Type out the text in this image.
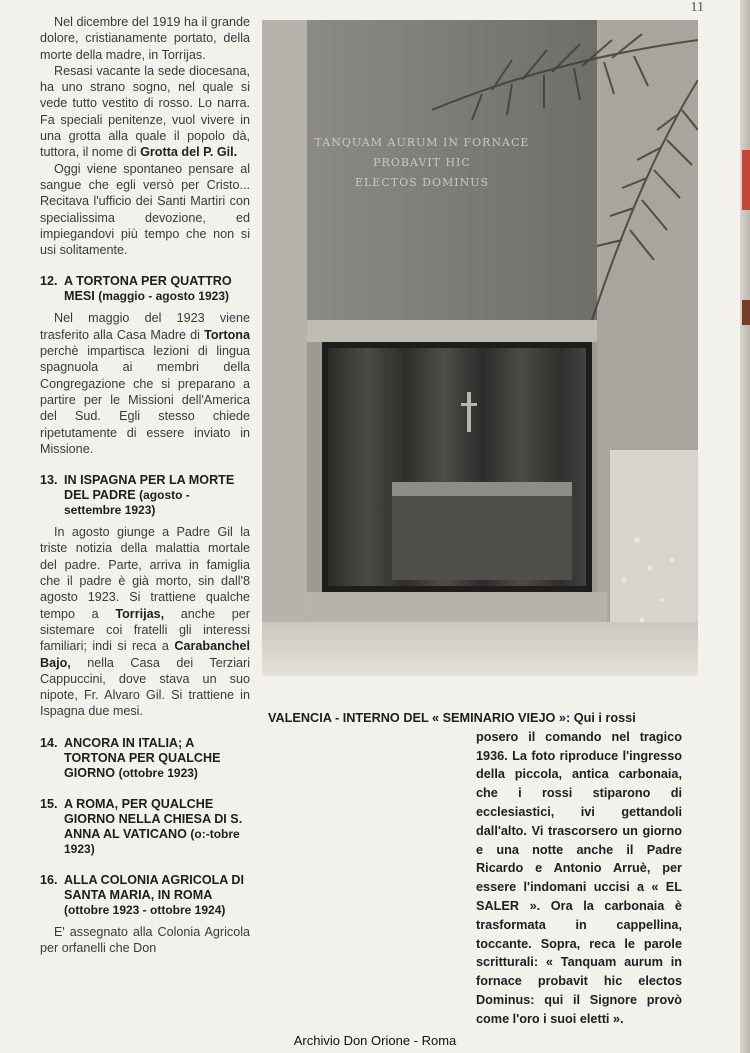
11

Nel dicembre del 1919 ha il grande dolore, cristianamente portato, della morte della madre, in Torrijas.

Resasi vacante la sede diocesana, ha uno strano sogno, nel quale si vede tutto vestito di rosso. Lo narra. Fa speciali penitenze, vuol vivere in una grotta alla quale il popolo dà, tuttora, il nome di Grotta del P. Gil.

Oggi viene spontaneo pensare al sangue che egli versò per Cristo... Recitava l'ufficio dei Santi Martiri con specialissima devozione, ed impiegandovi più tempo che non si usi solitamente.

12. A TORTONA PER QUATTRO MESI (maggio - agosto 1923)

Nel maggio del 1923 viene trasferito alla Casa Madre di Tortona perchè impartisca lezioni di lingua spagnuola ai membri della Congregazione che si preparano a partire per le Missioni dell'America del Sud. Egli stesso chiede ripetutamente di essere inviato in Missione.

13. IN ISPAGNA PER LA MORTE DEL PADRE (agosto - settembre 1923)

In agosto giunge a Padre Gil la triste notizia della malattia mortale del padre. Parte, arriva in famiglia che il padre è già morto, sin dall'8 agosto 1923. Si trattiene qualche tempo a Torrijas, anche per sistemare coi fratelli gli interessi familiari; indi si reca a Carabanchel Bajo, nella Casa dei Terziari Cappuccini, dove stava un suo nipote, Fr. Alvaro Gil. Si trattiene in Ispagna due mesi.

14. ANCORA IN ITALIA; A TORTONA PER QUALCHE GIORNO (ottobre 1923)
15. A ROMA, PER QUALCHE GIORNO NELLA CHIESA DI S. ANNA AL VATICANO (o:-tobre 1923)
16. ALLA COLONIA AGRICOLA DI SANTA MARIA, IN ROMA (ottobre 1923 - ottobre 1924)

E' assegnato alla Colonia Agricola per orfanelli che Don

TANQUAM AURUM IN FORNACE
PROBAVIT HIC
ELECTOS DOMINUS
VALENCIA - INTERNO DEL « SEMINARIO VIEJO »: Qui i rossi
posero il comando nel tragico 1936. La foto riproduce l'ingresso della piccola, antica carbonaia, che i rossi stiparono di ecclesiastici, ivi gettandoli dall'alto. Vi trascorsero un giorno e una notte anche il Padre Ricardo e Antonio Arruè, per essere l'indomani uccisi a « EL SALER ». Ora la carbonaia è trasformata in cappellina, toccante. Sopra, reca le parole scritturali: « Tanquam aurum in fornace probavit hic electos Dominus: qui il Signore provò come l'oro i suoi eletti ».
Archivio Don Orione - Roma
